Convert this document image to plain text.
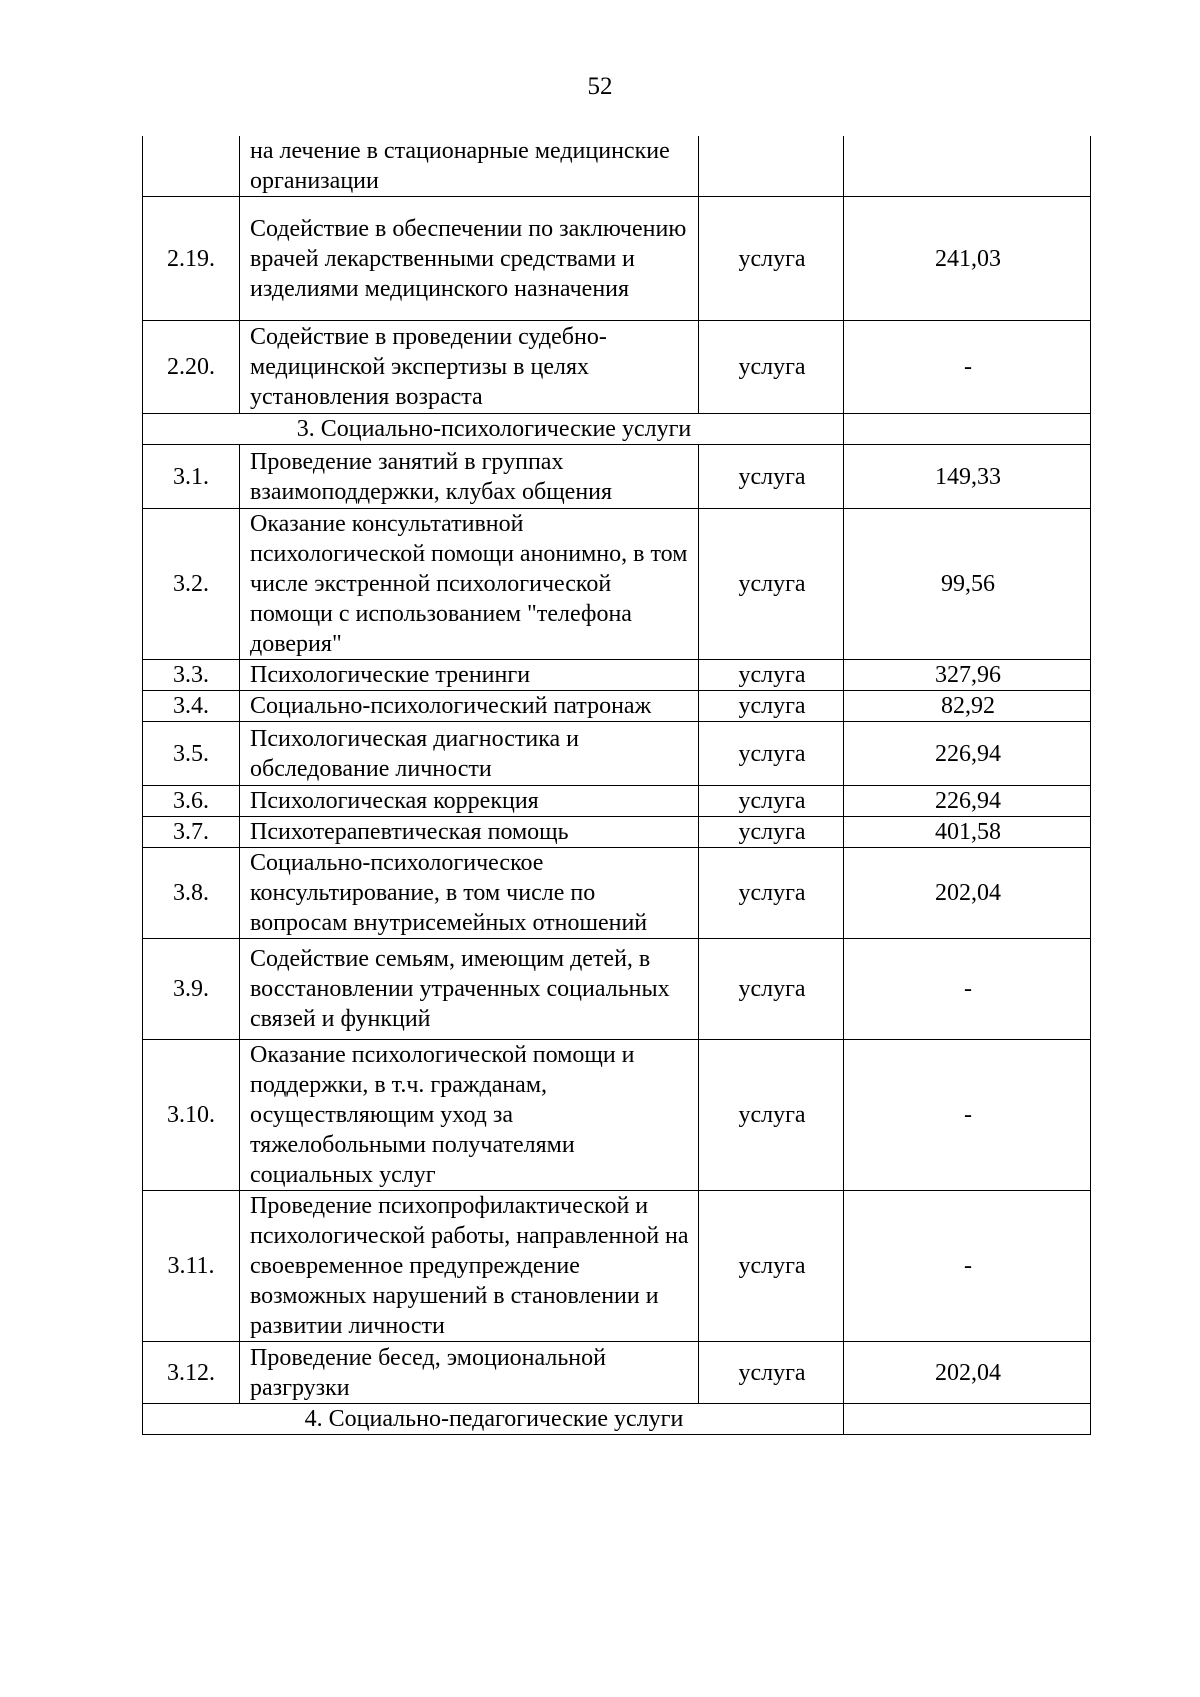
52
	на лечение в стационарные медицинские организации		
2.19.	Содействие в обеспечении по заключению врачей лекарственными средствами и изделиями медицинского назначения	услуга	241,03
2.20.	Содействие в проведении судебно-медицинской экспертизы в целях установления возраста	услуга	-
3. Социально-психологические услуги			
3.1.	Проведение занятий в группах взаимоподдержки, клубах общения	услуга	149,33
3.2.	Оказание консультативной психологической помощи анонимно, в том числе экстренной психологической помощи с использованием "телефона доверия"	услуга	99,56
3.3.	Психологические тренинги	услуга	327,96
3.4.	Социально-психологический патронаж	услуга	82,92
3.5.	Психологическая диагностика и обследование личности	услуга	226,94
3.6.	Психологическая коррекция	услуга	226,94
3.7.	Психотерапевтическая помощь	услуга	401,58
3.8.	Социально-психологическое консультирование, в том числе по вопросам внутрисемейных отношений	услуга	202,04
3.9.	Содействие семьям, имеющим детей, в восстановлении утраченных социальных связей и функций	услуга	-
3.10.	Оказание психологической помощи и поддержки, в т.ч. гражданам, осуществляющим уход за тяжелобольными получателями социальных услуг	услуга	-
3.11.	Проведение психопрофилактической и психологической работы, направленной на своевременное предупреждение возможных нарушений в становлении и развитии личности	услуга	-
3.12.	Проведение бесед, эмоциональной разгрузки	услуга	202,04
4. Социально-педагогические услуги			
